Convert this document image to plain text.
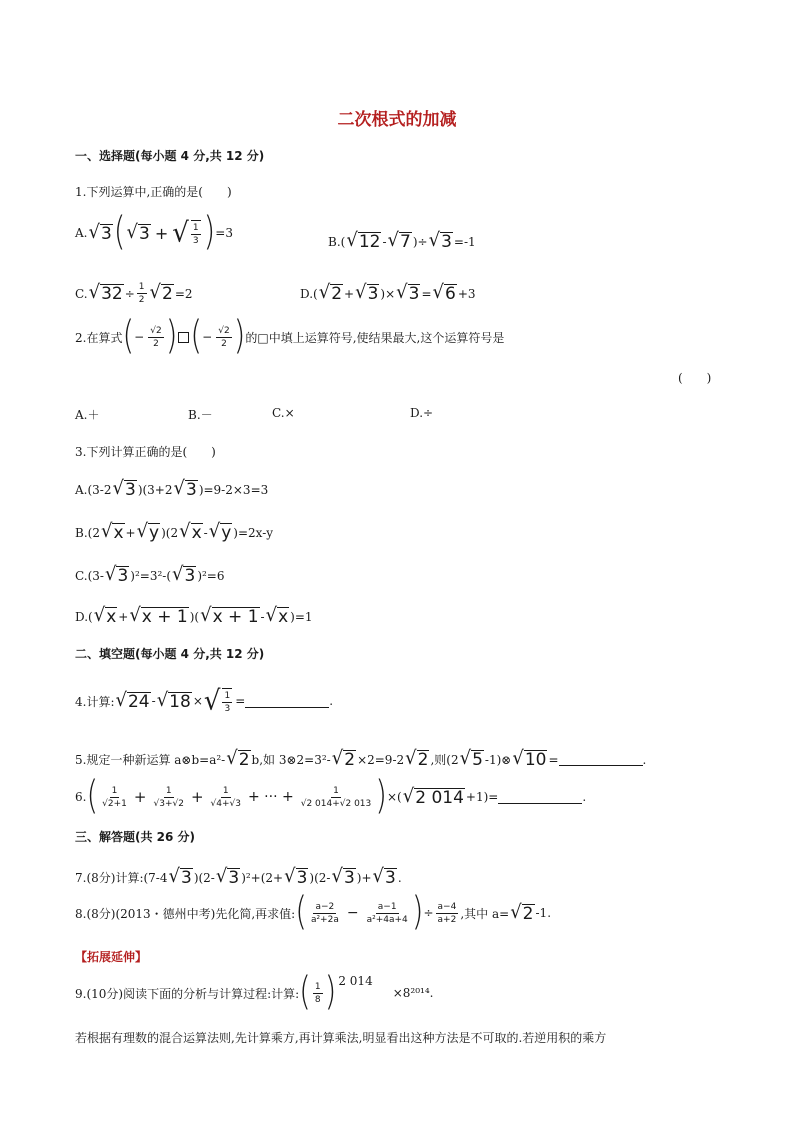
二次根式的加减
一、选择题(每小题 4 分,共 12 分)
1.下列运算中,正确的是(　　)
A. √ 3 ( √ 3 + √ $\frac{1}{3}$ ) =3
B.( √ 12 - √ 7 )÷ √ 3 =-1
C. √ $32 \div \frac{1}{2}$ √ 2 =2	D.( √ 2 + √ 3 )× √ 3 = √ 6 +3
2.在算式 ( − $\frac{√2}{2}$ ) ( − $\frac{√2}{2}$ ) 的□中填上运算符号,使结果最大,这个运算符号是
(　　)
A.＋	B.－	C.×	D.÷
3.下列计算正确的是(　　)
A.(3-2 √ 3 )(3+2 √ 3 )=9-2×3=3
B.(2 √ x + √ y )(2 √ x - √ y )=2x-y
C.(3- √ 3 )²=3²-( √ 3 )²=6
D.( √ x + √ x + 1 )( √ x + 1 - √ x )=1
二、填空题(每小题 4 分,共 12 分)
4.计算: √ 24 - √ 18 × √ $\frac{1}{3}$ =	.
5.规定一种新运算 a⊗b=a²- √ 2 b,如 3⊗2=3²- √ 2 ×2=9-2 √ 2 ,则(2 √ 5 -1)⊗ √ 10 =	.
6. ( $\frac{1}{√2+1} + \frac{1}{√3+√2} + \frac{1}{√4+√3}$ + ··· + $\frac{1}{√2 014+√2 013}$ ) ×( √ 2 014 +1)=	.
三、解答题(共 26 分)
7.(8分)计算:(7-4 √ 3 )(2- √ 3 )²+(2+ √ 3 )(2- √ 3 )+ √ 3 .
8.(8分)(2013・德州中考)先化简,再求值: ( $\frac{a-2}{\text{a²+2a}} - \frac{a-1}{\text{a²+4a+4}}$ ) ÷ $\frac{a-4}{a+2}$ ,其中 a= √ 2 -1.
【拓展延伸】
9.(10分)阅读下面的分析与计算过程:计算: ( $\frac{1}{8}$ ) 2 014
×8²⁰¹⁴.
若根据有理数的混合运算法则,先计算乘方,再计算乘法,明显看出这种方法是不可取的.若逆用积的乘方
